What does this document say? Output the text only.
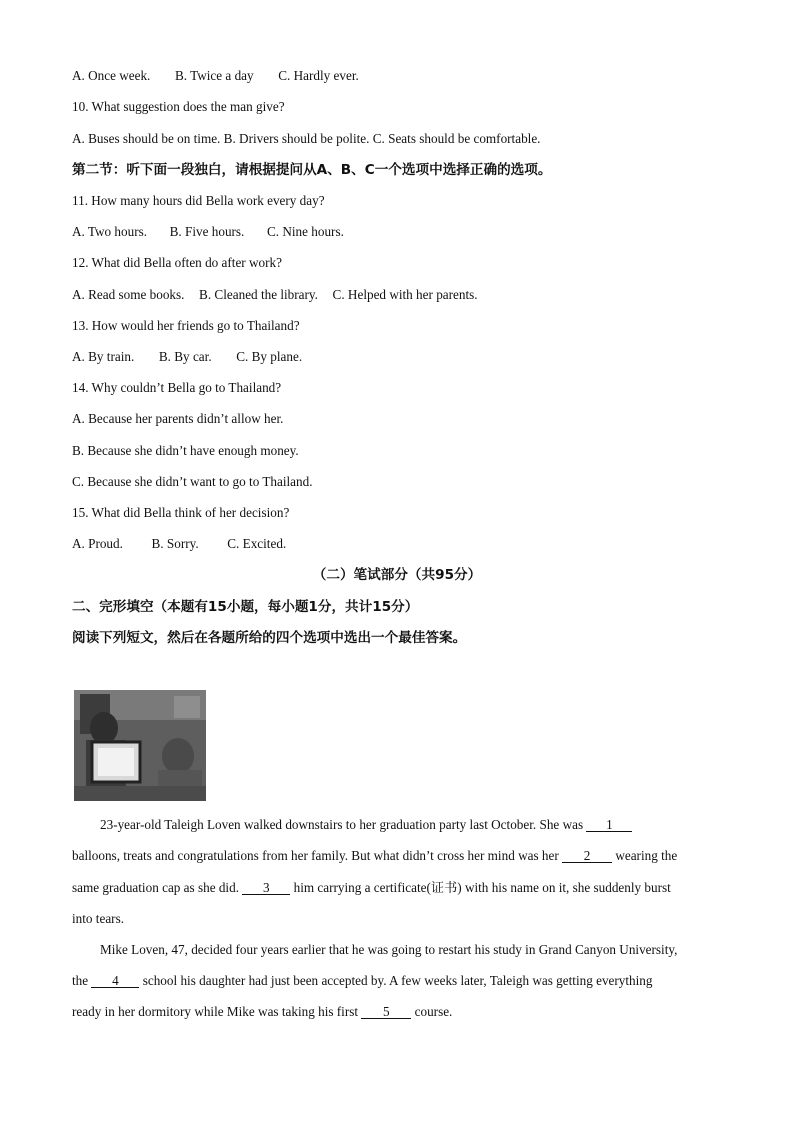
A. Once week. B. Twice a day C. Hardly ever.
10. What suggestion does the man give?
A. Buses should be on time. B. Drivers should be polite. C. Seats should be comfortable.
第二节：听下面一段独白，请根据提问从A、B、C一个选项中选择正确的选项。
11. How many hours did Bella work every day?
A. Two hours. B. Five hours. C. Nine hours.
12. What did Bella often do after work?
A. Read some books. B. Cleaned the library. C. Helped with her parents.
13. How would her friends go to Thailand?
A. By train. B. By car. C. By plane.
14. Why couldn’t Bella go to Thailand?
A. Because her parents didn’t allow her.
B. Because she didn’t have enough money.
C. Because she didn’t want to go to Thailand.
15. What did Bella think of her decision?
A. Proud. B. Sorry. C. Excited.
（二）笔试部分（共95分）
二、完形填空（本题有15小题，每小题1分，共计15分）
阅读下列短文，然后在各题所给的四个选项中选出一个最佳答案。
23-year-old Taleigh Loven walked downstairs to her graduation party last October. She was 1
balloons, treats and congratulations from her family. But what didn’t cross her mind was her 2 wearing the
same graduation cap as she did. 3 him carrying a certificate(证书) with his name on it, she suddenly burst
into tears.
Mike Loven, 47, decided four years earlier that he was going to restart his study in Grand Canyon University,
the 4 school his daughter had just been accepted by. A few weeks later, Taleigh was getting everything
ready in her dormitory while Mike was taking his first 5 course.
